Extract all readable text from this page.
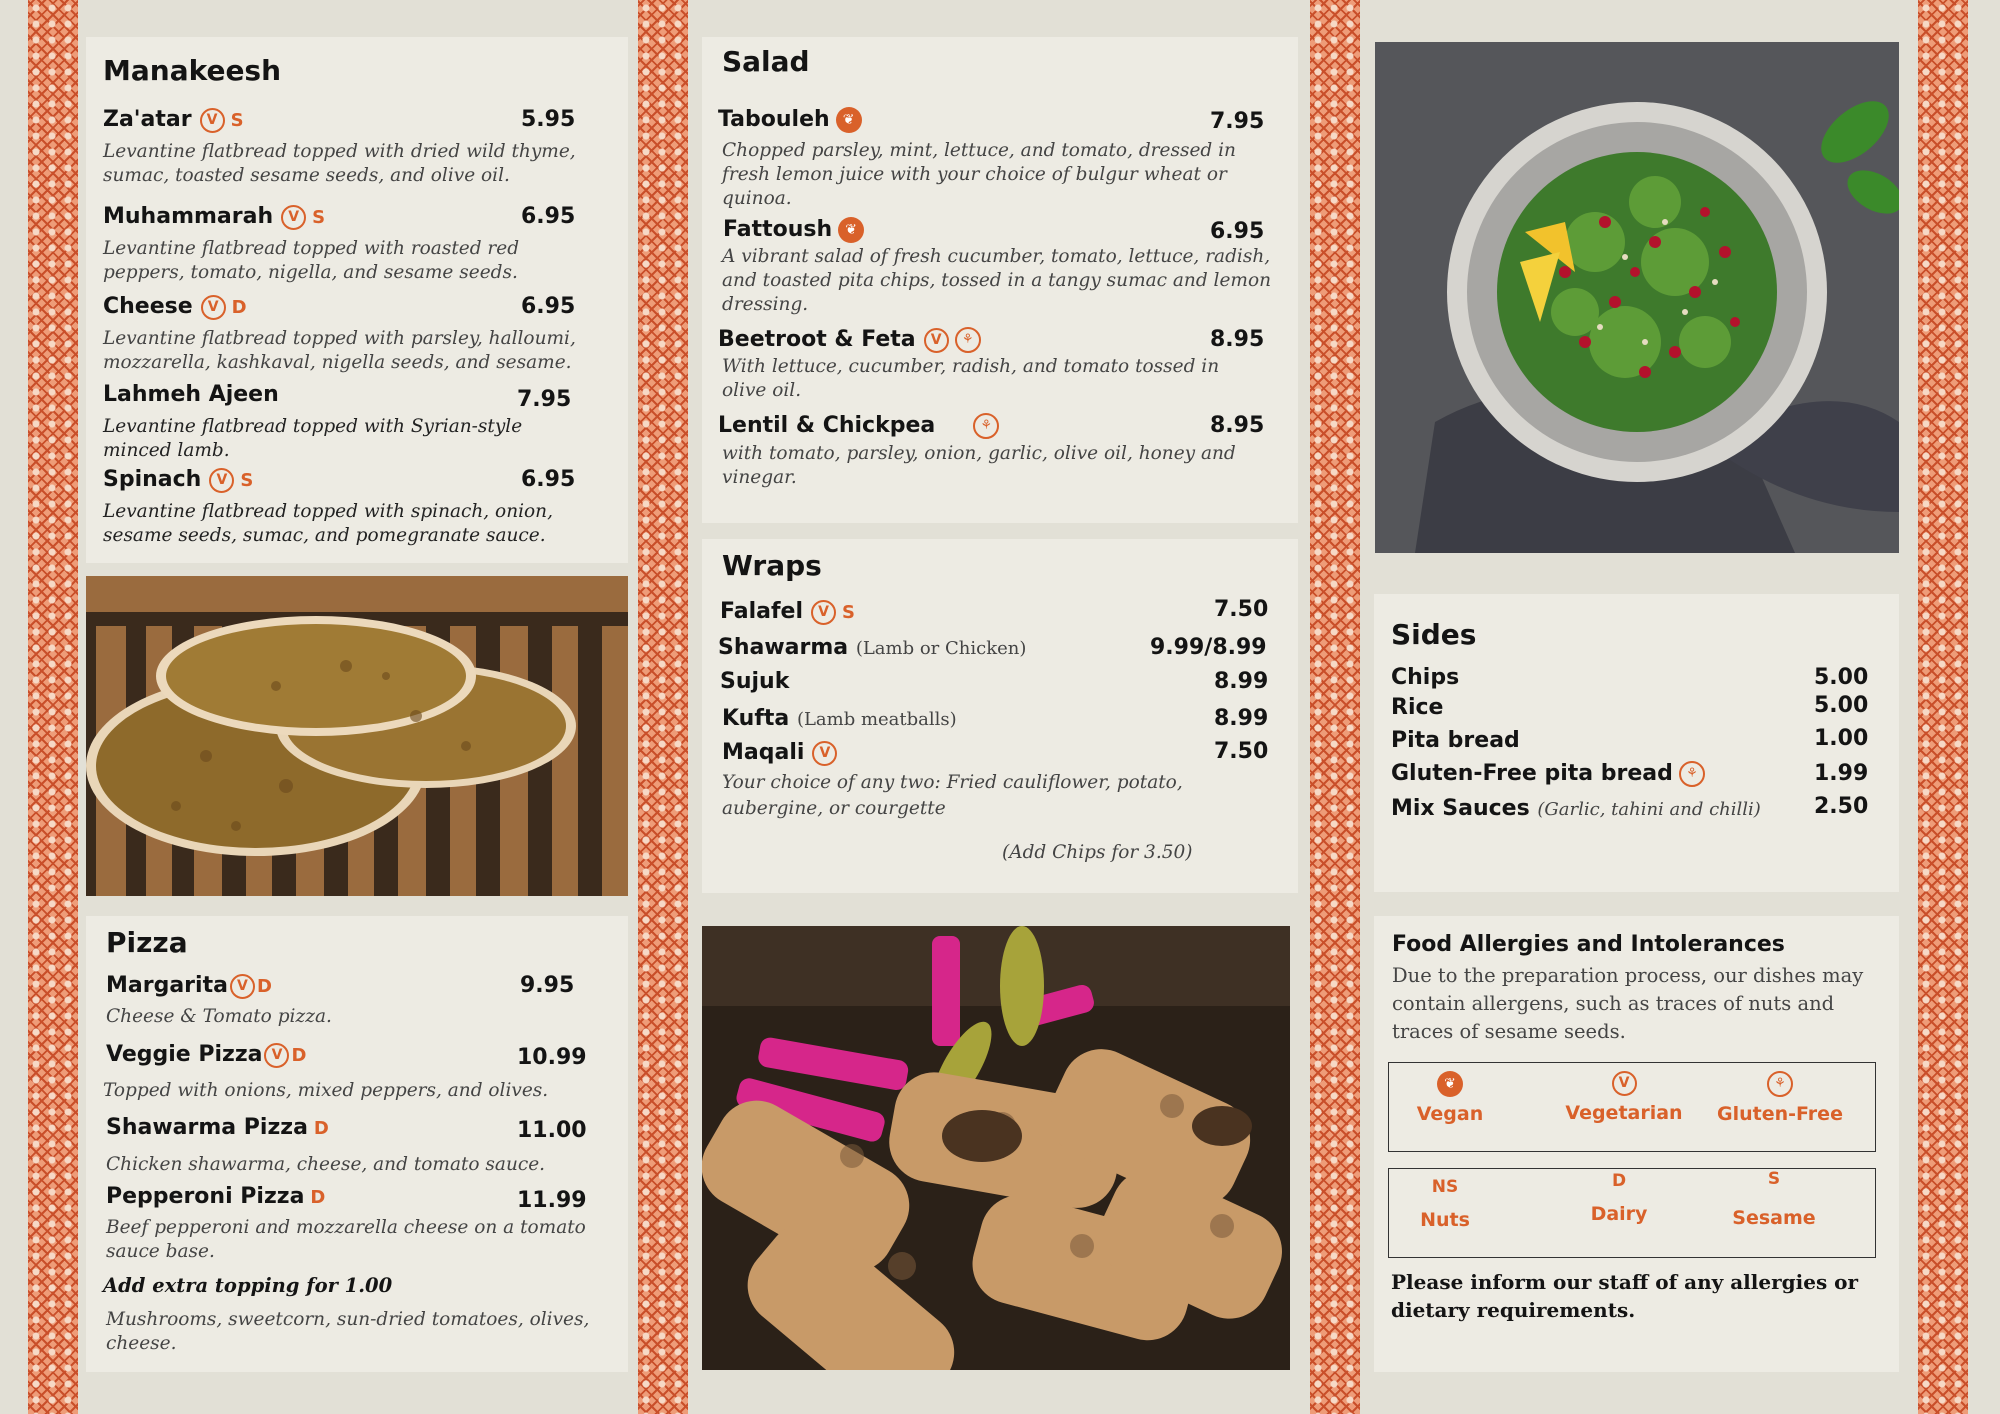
Manakeesh
Za'atar V S	5.95
Levantine flatbread topped with dried wild thyme, sumac, toasted sesame seeds, and olive oil.
Muhammarah V S	6.95
Levantine flatbread topped with roasted red peppers, tomato, nigella, and sesame seeds.
Cheese V D	6.95
Levantine flatbread topped with parsley, halloumi, mozzarella, kashkaval, nigella seeds, and sesame.
Lahmeh Ajeen	7.95
Levantine flatbread topped with Syrian-style minced lamb.
Spinach V S	6.95
Levantine flatbread topped with spinach, onion, sesame seeds, sumac, and pomegranate sauce.
Pizza
Margarita V D	9.95
Cheese & Tomato pizza.
Veggie Pizza V D	10.99
Topped with onions, mixed peppers, and olives.
Shawarma Pizza D	11.00
Chicken shawarma, cheese, and tomato sauce.
Pepperoni Pizza D	11.99
Beef pepperoni and mozzarella cheese on a tomato sauce base.
Add extra topping for 1.00
Mushrooms, sweetcorn, sun-dried tomatoes, olives, cheese.
Salad
Tabouleh ❦	7.95
Chopped parsley, mint, lettuce, and tomato, dressed in fresh lemon juice with your choice of bulgur wheat or quinoa.
Fattoush ❦	6.95
A vibrant salad of fresh cucumber, tomato, lettuce, radish, and toasted pita chips, tossed in a tangy sumac and lemon dressing.
Beetroot & Feta V ⚘	8.95
With lettuce, cucumber, radish, and tomato tossed in olive oil.
Lentil & Chickpea	⚘	8.95
with tomato, parsley, onion, garlic, olive oil, honey and vinegar.
Wraps
Falafel V S	7.50
Shawarma (Lamb or Chicken)	9.99/8.99
Sujuk	8.99
Kufta (Lamb meatballs)	8.99
Maqali V	7.50
Your choice of any two: Fried cauliflower, potato, aubergine, or courgette
(Add Chips for 3.50)
Sides
Chips	5.00
Rice	5.00
Pita bread	1.00
Gluten-Free pita bread ⚘	1.99
Mix Sauces (Garlic, tahini and chilli) 2.50
Food Allergies and Intolerances
Due to the preparation process, our dishes may contain allergens, such as traces of nuts and traces of sesame seeds.
❦
Vegan
V
Vegetarian
⚘
Gluten-Free
NS
Nuts
D
Dairy
S
Sesame
Please inform our staff of any allergies or dietary requirements.
